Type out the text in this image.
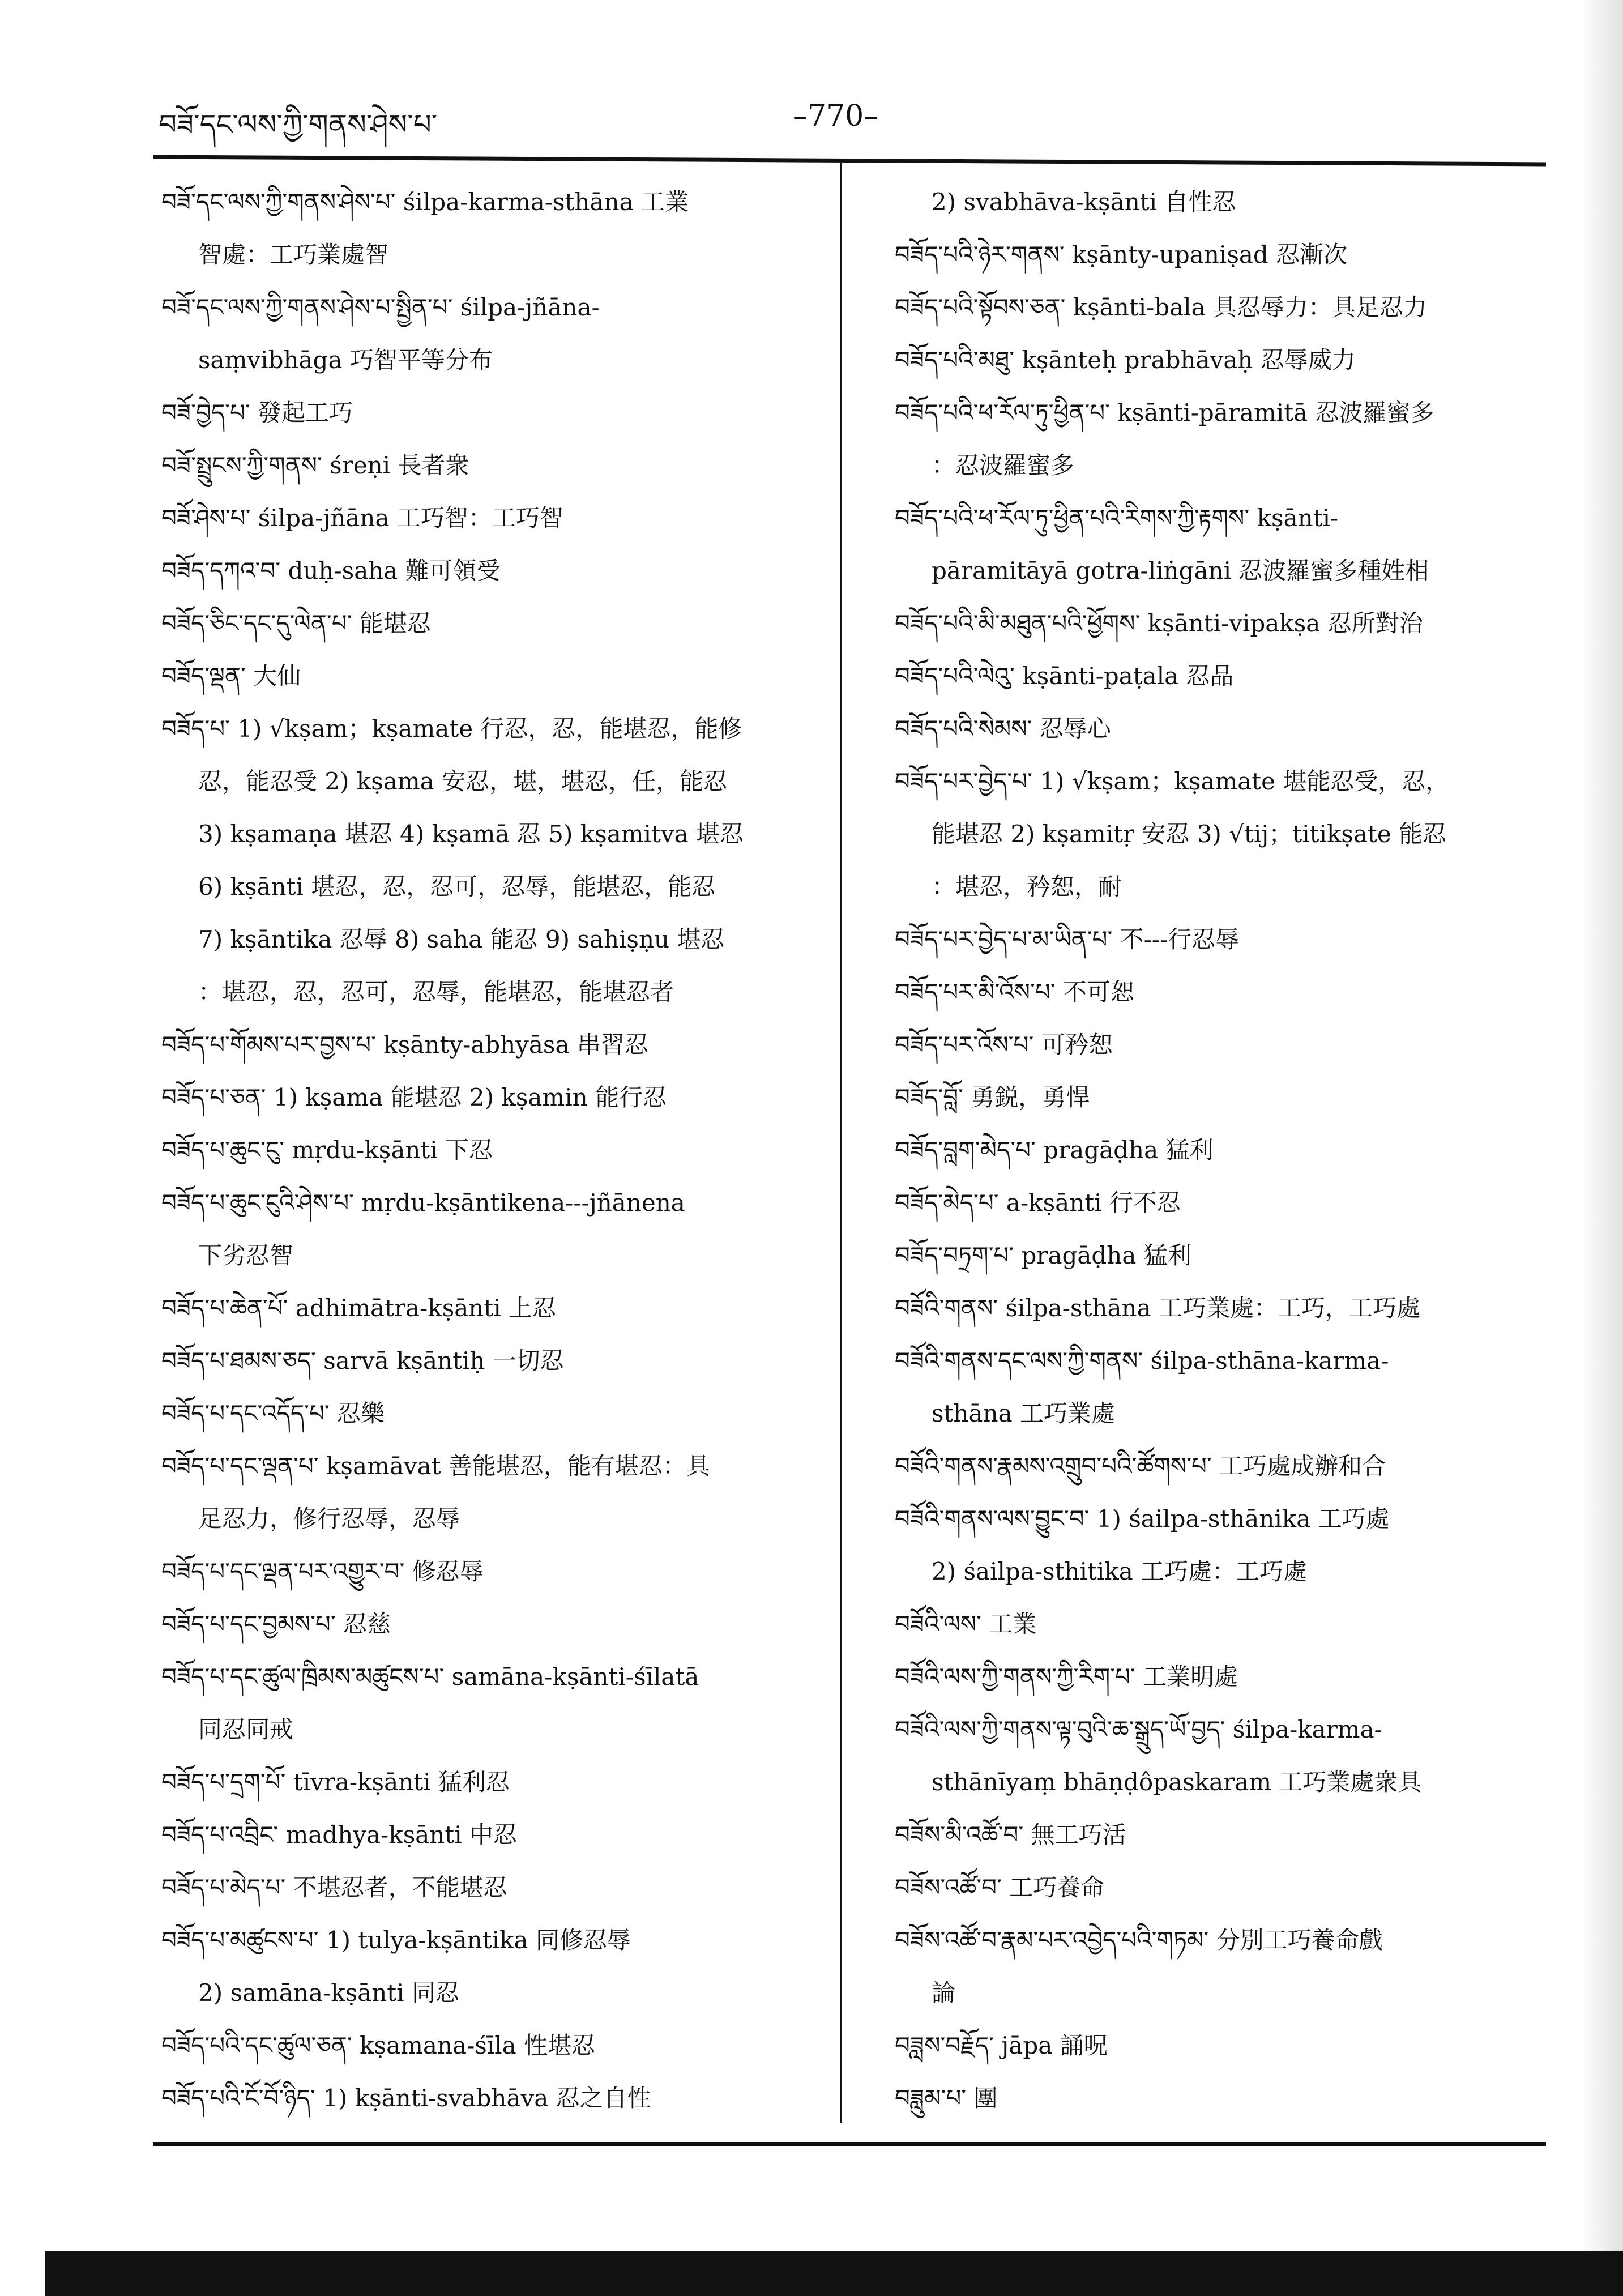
བཟོ་དང་ལས་ཀྱི་གནས་ཤེས་པ་	–770–
བཟོ་དང་ལས་ཀྱི་གནས་ཤེས་པ་ śilpa-karma-sthāna 工業
智處：工巧業處智
བཟོ་དང་ལས་ཀྱི་གནས་ཤེས་པ་སྤྱིན་པ་ śilpa-jñāna-
saṃvibhāga 巧智平等分布
བཟོ་བྱེད་པ་ 發起工巧
བཟོ་སྤྲུངས་ཀྱི་གནས་ śreṇi 長者衆
བཟོ་ཤེས་པ་ śilpa-jñāna 工巧智：工巧智
བཟོད་དཀའ་བ་ duḥ-saha 難可領受
བཟོད་ཅིང་དང་དུ་ལེན་པ་ 能堪忍
བཟོད་ལྡན་ 大仙
བཟོད་པ་ 1) √kṣam；kṣamate 行忍，忍，能堪忍，能修
忍，能忍受 2) kṣama 安忍，堪，堪忍，任，能忍
3) kṣamaṇa 堪忍 4) kṣamā 忍 5) kṣamitva 堪忍
6) kṣānti 堪忍，忍，忍可，忍辱，能堪忍，能忍
7) kṣāntika 忍辱 8) saha 能忍 9) sahiṣṇu 堪忍
：堪忍，忍，忍可，忍辱，能堪忍，能堪忍者
བཟོད་པ་གོམས་པར་བྱས་པ་ kṣānty-abhyāsa 串習忍
བཟོད་པ་ཅན་ 1) kṣama 能堪忍 2) kṣamin 能行忍
བཟོད་པ་ཆུང་ངུ་ mṛdu-kṣānti 下忍
བཟོད་པ་ཆུང་ངུའི་ཤེས་པ་ mṛdu-kṣāntikena---jñānena
下劣忍智
བཟོད་པ་ཆེན་པོ་ adhimātra-kṣānti 上忍
བཟོད་པ་ཐམས་ཅད་ sarvā kṣāntiḥ 一切忍
བཟོད་པ་དང་འདོད་པ་ 忍樂
བཟོད་པ་དང་ལྡན་པ་ kṣamāvat 善能堪忍，能有堪忍：具
足忍力，修行忍辱，忍辱
བཟོད་པ་དང་ལྡན་པར་འགྱུར་བ་ 修忍辱
བཟོད་པ་དང་བྱམས་པ་ 忍慈
བཟོད་པ་དང་ཚུལ་ཁྲིམས་མཚུངས་པ་ samāna-kṣānti-śīlatā
同忍同戒
བཟོད་པ་དྲག་པོ་ tīvra-kṣānti 猛利忍
བཟོད་པ་འབྲིང་ madhya-kṣānti 中忍
བཟོད་པ་མེད་པ་ 不堪忍者，不能堪忍
བཟོད་པ་མཚུངས་པ་ 1) tulya-kṣāntika 同修忍辱
2) samāna-kṣānti 同忍
བཟོད་པའི་དང་ཚུལ་ཅན་ kṣamana-śīla 性堪忍
བཟོད་པའི་ངོ་བོ་ཉིད་ 1) kṣānti-svabhāva 忍之自性
2) svabhāva-kṣānti 自性忍
བཟོད་པའི་ཉེར་གནས་ kṣānty-upaniṣad 忍漸次
བཟོད་པའི་སྟོབས་ཅན་ kṣānti-bala 具忍辱力：具足忍力
བཟོད་པའི་མཐུ་ kṣānteḥ prabhāvaḥ 忍辱威力
བཟོད་པའི་ཕ་རོལ་ཏུ་ཕྱིན་པ་ kṣānti-pāramitā 忍波羅蜜多
：忍波羅蜜多
བཟོད་པའི་ཕ་རོལ་ཏུ་ཕྱིན་པའི་རིགས་ཀྱི་རྟགས་ kṣānti-
pāramitāyā gotra-liṅgāni 忍波羅蜜多種姓相
བཟོད་པའི་མི་མཐུན་པའི་ཕྱོགས་ kṣānti-vipakṣa 忍所對治
བཟོད་པའི་ལེའུ་ kṣānti-paṭala 忍品
བཟོད་པའི་སེམས་ 忍辱心
བཟོད་པར་བྱེད་པ་ 1) √kṣam；kṣamate 堪能忍受，忍，
能堪忍 2) kṣamitṛ 安忍 3) √tij；titikṣate 能忍
：堪忍，矜恕，耐
བཟོད་པར་བྱེད་པ་མ་ཡིན་པ་ 不---行忍辱
བཟོད་པར་མི་འོས་པ་ 不可恕
བཟོད་པར་འོས་པ་ 可矜恕
བཟོད་བློ་ 勇鋭，勇悍
བཟོད་བླག་མེད་པ་ pragāḍha 猛利
བཟོད་མེད་པ་ a-kṣānti 行不忍
བཟོད་བཏྲག་པ་ pragāḍha 猛利
བཟོའི་གནས་ śilpa-sthāna 工巧業處：工巧，工巧處
བཟོའི་གནས་དང་ལས་ཀྱི་གནས་ śilpa-sthāna-karma-
sthāna 工巧業處
བཟོའི་གནས་རྣམས་འགྲུབ་པའི་ཚོགས་པ་ 工巧處成辦和合
བཟོའི་གནས་ལས་བྱུང་བ་ 1) śailpa-sthānika 工巧處
2) śailpa-sthitika 工巧處：工巧處
བཟོའི་ལས་ 工業
བཟོའི་ལས་ཀྱི་གནས་ཀྱི་རིག་པ་ 工業明處
བཟོའི་ལས་ཀྱི་གནས་ལྟ་བུའི་ཆ་སྒྲུད་ཡོ་བྱད་ śilpa-karma-
sthānīyaṃ bhāṇḍôpaskaram 工巧業處衆具
བཟོས་མི་འཚོ་བ་ 無工巧活
བཟོས་འཚོ་བ་ 工巧養命
བཟོས་འཚོ་བ་རྣམ་པར་འབྱེད་པའི་གཏམ་ 分別工巧養命戲
論
བཟླས་བརྗོད་ jāpa 誦呪
བཟླུམ་པ་ 團
